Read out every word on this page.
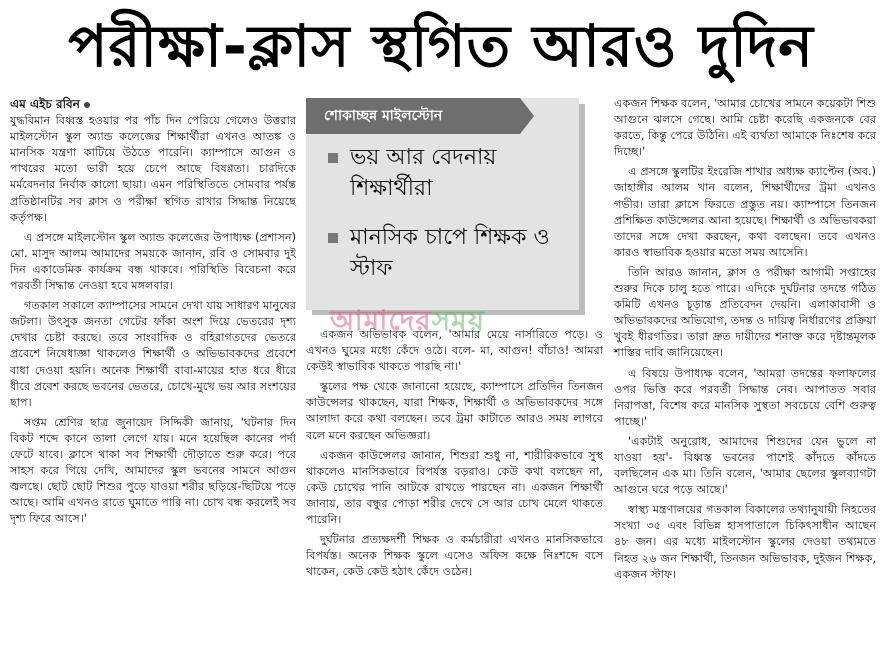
পরীক্ষা-ক্লাস স্থগিত আরও দুদিন
এম এইচ রবিন

যুদ্ধবিমান বিধ্বস্ত হওয়ার পর পাঁচ দিন পেরিয়ে গেলেও উত্তরার মাইলস্টোন স্কুল অ্যান্ড কলেজের শিক্ষার্থীরা এখনও আতঙ্ক ও মানসিক যন্ত্রণা কাটিয়ে উঠতে পারেনি। ক্যাম্পাসে আগুন ও পাথরের মতো ভারী হয়ে চেপে আছে বিষণ্ণতা। চারদিকে মর্মবেদনার নির্বাক কালো ছায়া। এমন পরিস্থিতিতে সোমবার পর্যন্ত প্রতিষ্ঠানটির সব ক্লাস ও পরীক্ষা স্থগিত রাখার সিদ্ধান্ত নিয়েছে কর্তৃপক্ষ।

এ প্রসঙ্গে মাইলস্টোন স্কুল অ্যান্ড কলেজের উপাধ্যক্ষ (প্রশাসন) মো. মাসুদ আলম আমাদের সময়কে জানান, রবি ও সোমবার দুই দিন একাডেমিক কার্যক্রম বন্ধ থাকবে। পরিস্থিতি বিবেচনা করে পরবর্তী সিদ্ধান্ত নেওয়া হবে মঙ্গলবার।

গতকাল সকালে ক্যাম্পাসের সামনে দেখা যায় সাধারণ মানুষের জটলা। উৎসুক জনতা গেটের ফাঁকা অংশ দিয়ে ভেতরের দৃশ্য দেখার চেষ্টা করছে। তবে সাংবাদিক ও বহিরাগতদের ভেতরে প্রবেশে নিষেধাজ্ঞা থাকলেও শিক্ষার্থী ও অভিভাবকদের প্রবেশে বাধা দেওয়া হয়নি। অনেক শিক্ষার্থী বাবা-মায়ের হাত ধরে ধীরে ধীরে প্রবেশ করছে ভবনের ভেতরে, চোখে-মুখে ভয় আর সংশয়ের ছাপ।

সপ্তম শ্রেণির ছাত্র জুনায়েদ সিদ্দিকী জানায়, 'ঘটনার দিন বিকট শব্দে কানে তালা লেগে যায়। মনে হয়েছিল কানের পর্দা ফেটে যাবে। ক্লাসে থাকা সব শিক্ষার্থী দৌড়াতে শুরু করে। পরে সাহস করে গিয়ে দেখি, আমাদের স্কুল ভবনের সামনে আগুন জ্বলছে। ছোট ছোট শিশুর পুড়ে যাওয়া শরীর ছড়িয়ে-ছিটিয়ে পড়ে আছে। আমি এখনও রাতে ঘুমাতে পারি না। চোখ বন্ধ করলেই সব দৃশ্য ফিরে আসে।'

শোকাচ্ছন্ন মাইলস্টোন
ভয় আর বেদনায় শিক্ষার্থীরা
মানসিক চাপে শিক্ষক ও স্টাফ

একজন অভিভাবক বলেন, 'আমার মেয়ে নার্সারিতে পড়ে। ও এখনও ঘুমের মধ্যে কেঁদে ওঠে। বলে- মা, আগুন! বাঁচাও! আমরা কেউই স্বাভাবিক থাকতে পারছি না।'

স্কুলের পক্ষ থেকে জানানো হয়েছে, ক্যাম্পাসে প্রতিদিন তিনজন কাউন্সেলর থাকছেন, যারা শিক্ষক, শিক্ষার্থী ও অভিভাবকদের সঙ্গে আলাদা করে কথা বলছেন। তবে ট্রমা কাটাতে আরও সময় লাগবে বলে মনে করছেন অভিজ্ঞরা।

একজন কাউন্সেলর জানান, শিশুরা শুধু না, শারীরিকভাবে সুস্থ থাকলেও মানসিকভাবে বিপর্যস্ত বড়রাও। কেউ কথা বলছেন না, কেউ চোখের পানি আটকে রাখতে পারছেন না। একজন শিক্ষার্থী জানায়, তার বন্ধুর পোড়া শরীর দেখে সে আর চোখ মেলে থাকতে পারেনি।

দুর্ঘটনার প্রত্যক্ষদর্শী শিক্ষক ও কর্মচারীরা এখনও মানসিকভাবে বিপর্যস্ত। অনেক শিক্ষক স্কুলে এসেও অফিস কক্ষে নিঃশব্দে বসে থাকেন, কেউ কেউ হঠাৎ কেঁদে ওঠেন।

আমাদেরসময়

একজন শিক্ষক বলেন, 'আমার চোখের সামনে কয়েকটা শিশু আগুনে ঝলসে গেছে। আমি চেষ্টা করেছি একজনকে বের করতে, কিন্তু পেরে উঠিনি। এই ব্যর্থতা আমাকে নিঃশেষ করে দিচ্ছে।'

এ প্রসঙ্গে স্কুলটির ইংরেজি শাখার অধ্যক্ষ ক্যাপ্টেন (অব.) জাহাঙ্গীর আলম খান বলেন, শিক্ষার্থীদের ট্রমা এখনও গভীর। তারা ক্লাসে ফিরতে প্রস্তুত নয়। ক্যাম্পাসে তিনজন প্রশিক্ষিত কাউন্সেলর আনা হয়েছে। শিক্ষার্থী ও অভিভাবকরা তাদের সঙ্গে দেখা করছেন, কথা বলছেন। তবে এখনও কারও স্বাভাবিক হওয়ার মতো সময় আসেনি।

তিনি আরও জানান, ক্লাস ও পরীক্ষা আগামী সপ্তাহের শুরুর দিকে চালু হতে পারে। এদিকে দুর্ঘটনার তদন্তে গঠিত কমিটি এখনও চূড়ান্ত প্রতিবেদন দেয়নি। এলাকাবাসী ও অভিভাবকদের অভিযোগ, তদন্ত ও দায়িত্ব নির্ধারণের প্রক্রিয়া খুবই ধীরগতির। তারা দ্রুত দায়ীদের শনাক্ত করে দৃষ্টান্তমূলক শাস্তির দাবি জানিয়েছেন।

এ বিষয়ে উপাধ্যক্ষ বলেন, 'আমরা তদন্তের ফলাফলের ওপর ভিত্তি করে পরবর্তী সিদ্ধান্ত নেব। আপাতত সবার নিরাপত্তা, বিশেষ করে মানসিক সুস্থতা সবচেয়ে বেশি গুরুত্ব পাচ্ছে।'

'একটাই অনুরোধ, আমাদের শিশুদের যেন ভুলে না যাওয়া হয়'- বিধ্বস্ত ভবনের পাশেই কাঁদতে কাঁদতে বলছিলেন এক মা। তিনি বলেন, 'আমার ছেলের স্কুলব্যাগটা আগুনে ঘরে পড়ে আছে।'

স্বাস্থ্য মন্ত্রণালয়ের গতকাল বিকালের তথ্যানুযায়ী নিহতের সংখ্যা ৩৫ এবং বিভিন্ন হাসপাতালে চিকিৎসাধীন আছেন ৪৮ জন। এর মধ্যে মাইলস্টোন স্কুলের দেওয়া তথ্যমতে নিহত ২৬ জন শিক্ষার্থী, তিনজন অভিভাবক, দুইজন শিক্ষক, একজন স্টাফ।
